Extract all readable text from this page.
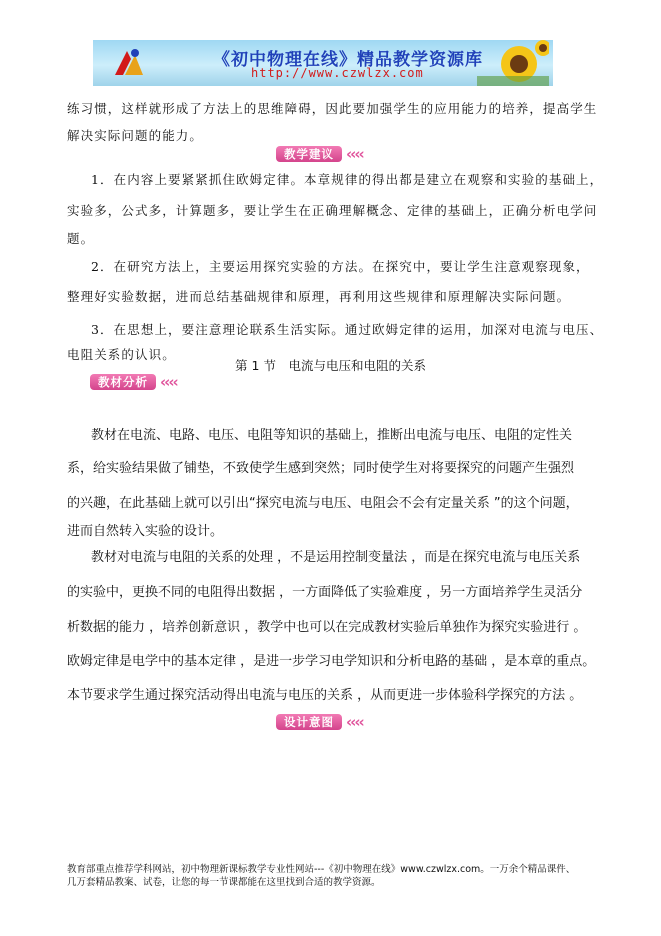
《初中物理在线》精品教学资源库
http://www.czwlzx.com
练习惯，这样就形成了方法上的思维障碍，因此要加强学生的应用能力的培养，提高学生
解决实际问题的能力。
教学建议 ‹‹‹‹
1．在内容上要紧紧抓住欧姆定律。本章规律的得出都是建立在观察和实验的基础上，
实验多，公式多，计算题多，要让学生在正确理解概念、定律的基础上，正确分析电学问
题。
2．在研究方法上，主要运用探究实验的方法。在探究中，要让学生注意观察现象，
整理好实验数据，进而总结基础规律和原理，再利用这些规律和原理解决实际问题。
3．在思想上，要注意理论联系生活实际。通过欧姆定律的运用，加深对电流与电压、
电阻关系的认识。
第 1 节　电流与电压和电阻的关系
教材分析 ‹‹‹‹
教材在电流、电路、电压、电阻等知识的基础上，推断出电流与电压、电阻的定性关
系，给实验结果做了铺垫，不致使学生感到突然；同时使学生对将要探究的问题产生强烈
的兴趣，在此基础上就可以引出“探究电流与电压、电阻会不会有定量关系 ”的这个问题，
进而自然转入实验的设计。
教材对电流与电阻的关系的处理 ，不是运用控制变量法 ，而是在探究电流与电压关系
的实验中，更换不同的电阻得出数据 ，一方面降低了实验难度 ，另一方面培养学生灵活分
析数据的能力 ，培养创新意识 ，教学中也可以在完成教材实验后单独作为探究实验进行 。
欧姆定律是电学中的基本定律 ，是进一步学习电学知识和分析电路的基础 ，是本章的重点。
本节要求学生通过探究活动得出电流与电压的关系 ，从而更进一步体验科学探究的方法 。
设计意图 ‹‹‹‹
教育部重点推荐学科网站，初中物理新课标教学专业性网站---《初中物理在线》www.czwlzx.com。一万余个精品课件、
几万套精品教案、试卷，让您的每一节课都能在这里找到合适的教学资源。
